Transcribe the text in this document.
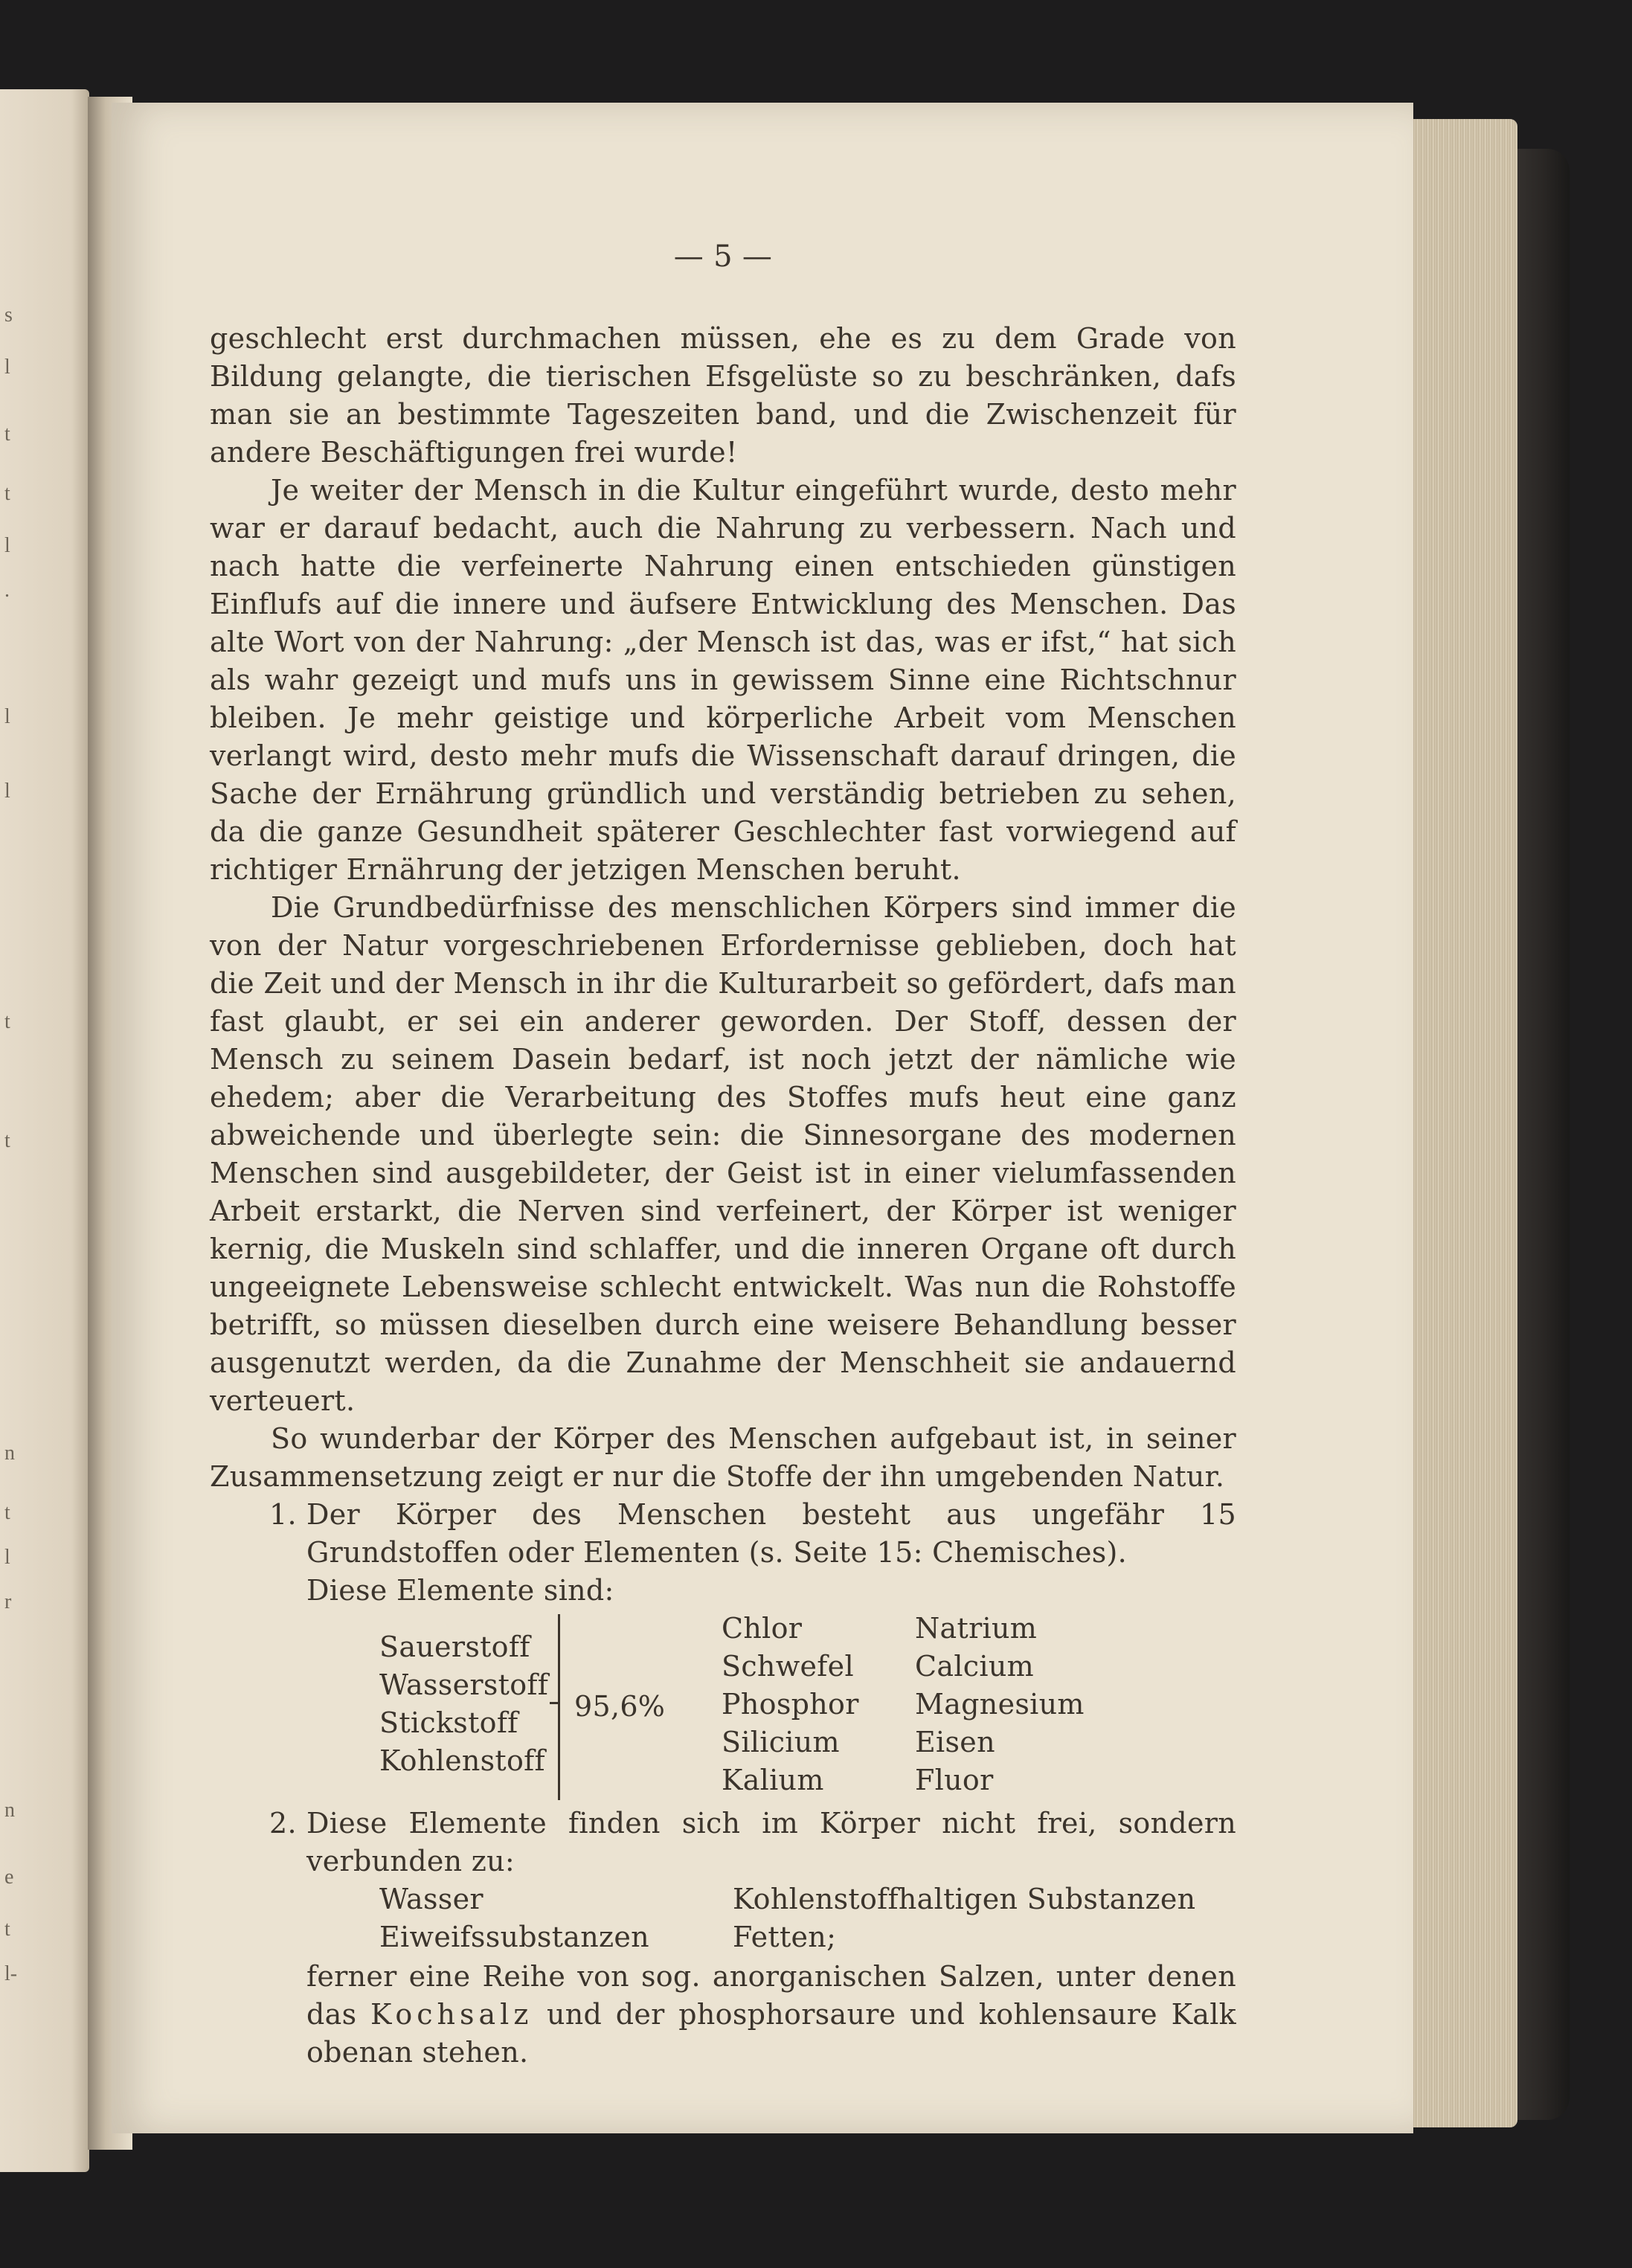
s
l
t
t
l
.
l
l
t
t
n
t
l
r
n
e
t
l-
— 5 —

geschlecht erst durchmachen müssen, ehe es zu dem Grade von Bildung gelangte, die tierischen Efsgelüste so zu beschränken, dafs man sie an bestimmte Tageszeiten band, und die Zwischenzeit für andere Beschäftigungen frei wurde!

Je weiter der Mensch in die Kultur eingeführt wurde, desto mehr war er darauf bedacht, auch die Nahrung zu verbessern. Nach und nach hatte die verfeinerte Nahrung einen entschieden günstigen Einflufs auf die innere und äufsere Entwicklung des Menschen. Das alte Wort von der Nahrung: „der Mensch ist das, was er ifst,“ hat sich als wahr gezeigt und mufs uns in gewissem Sinne eine Richtschnur bleiben. Je mehr geistige und körperliche Arbeit vom Menschen verlangt wird, desto mehr mufs die Wissenschaft darauf dringen, die Sache der Ernährung gründlich und verständig betrieben zu sehen, da die ganze Gesundheit späterer Geschlechter fast vorwiegend auf richtiger Ernährung der jetzigen Menschen beruht.

Die Grundbedürfnisse des menschlichen Körpers sind immer die von der Natur vorgeschriebenen Erfordernisse geblieben, doch hat die Zeit und der Mensch in ihr die Kulturarbeit so gefördert, dafs man fast glaubt, er sei ein anderer geworden. Der Stoff, dessen der Mensch zu seinem Dasein bedarf, ist noch jetzt der nämliche wie ehedem; aber die Verarbeitung des Stoffes mufs heut eine ganz abweichende und überlegte sein: die Sinnesorgane des modernen Menschen sind ausgebildeter, der Geist ist in einer vielumfassenden Arbeit erstarkt, die Nerven sind verfeinert, der Körper ist weniger kernig, die Muskeln sind schlaffer, und die inneren Organe oft durch ungeeignete Lebensweise schlecht entwickelt. Was nun die Rohstoffe betrifft, so müssen dieselben durch eine weisere Behandlung besser ausgenutzt werden, da die Zunahme der Menschheit sie andauernd verteuert.

So wunderbar der Körper des Menschen aufgebaut ist, in seiner Zusammensetzung zeigt er nur die Stoffe der ihn umgebenden Natur.

1. Der Körper des Menschen besteht aus ungefähr 15 Grundstoffen oder Elementen (s. Seite 15: Chemisches).
Diese Elemente sind:
Sauerstoff
Wasserstoff
Stickstoff
Kohlenstoff
95,6%
Chlor
Schwefel
Phosphor
Silicium
Kalium
Natrium
Calcium
Magnesium
Eisen
Fluor
2. Diese Elemente finden sich im Körper nicht frei, sondern verbunden zu:
Wasser
Eiweifssubstanzen
Kohlenstoffhaltigen Substanzen
Fetten;
ferner eine Reihe von sog. anorganischen Salzen, unter denen das Kochsalz und der phosphorsaure und kohlensaure Kalk obenan stehen.
